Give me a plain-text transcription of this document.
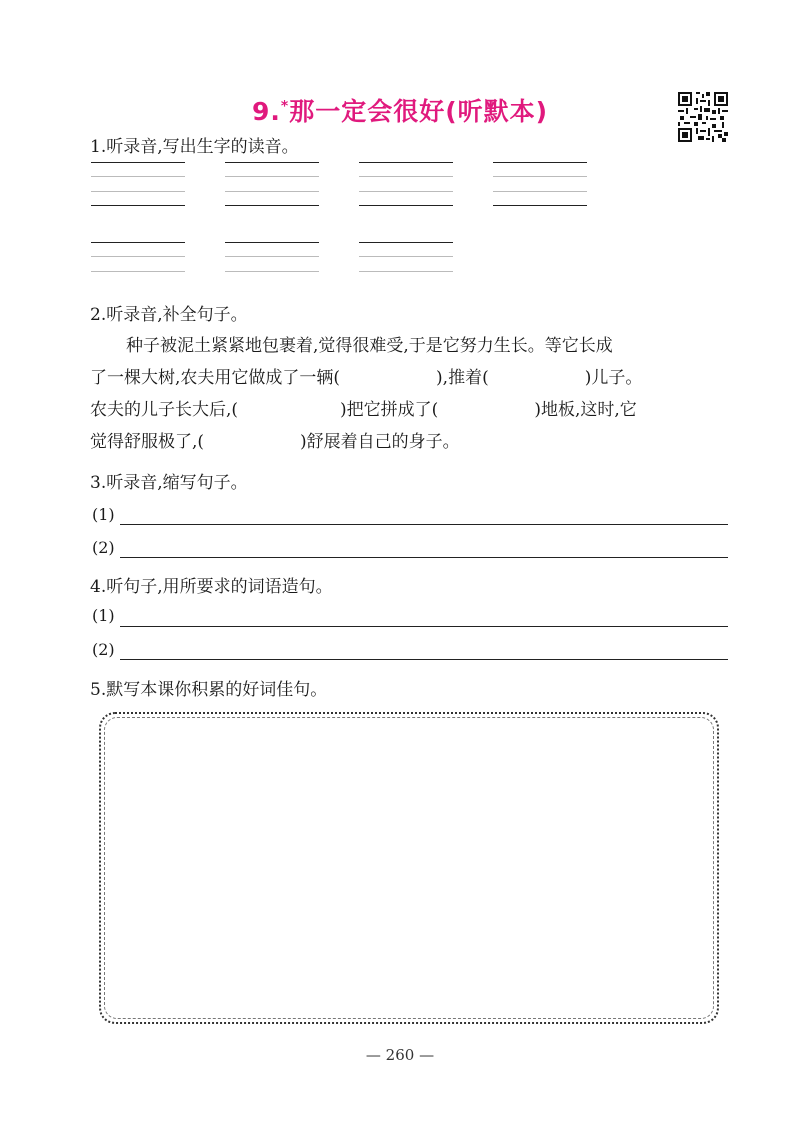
9.*那一定会很好(听默本)
1.听录音,写出生字的读音。
2.听录音,补全句子。
种子被泥土紧紧地包裹着,觉得很难受,于是它努力生长。等它长成
了一棵大树,农夫用它做成了一辆(	),推着(	)儿子。
农夫的儿子长大后,(	)把它拼成了(	)地板,这时,它
觉得舒服极了,(	)舒展着自己的身子。
3.听录音,缩写句子。
(1)
(2)
4.听句子,用所要求的词语造句。
(1)
(2)
5.默写本课你积累的好词佳句。
— 260 —
